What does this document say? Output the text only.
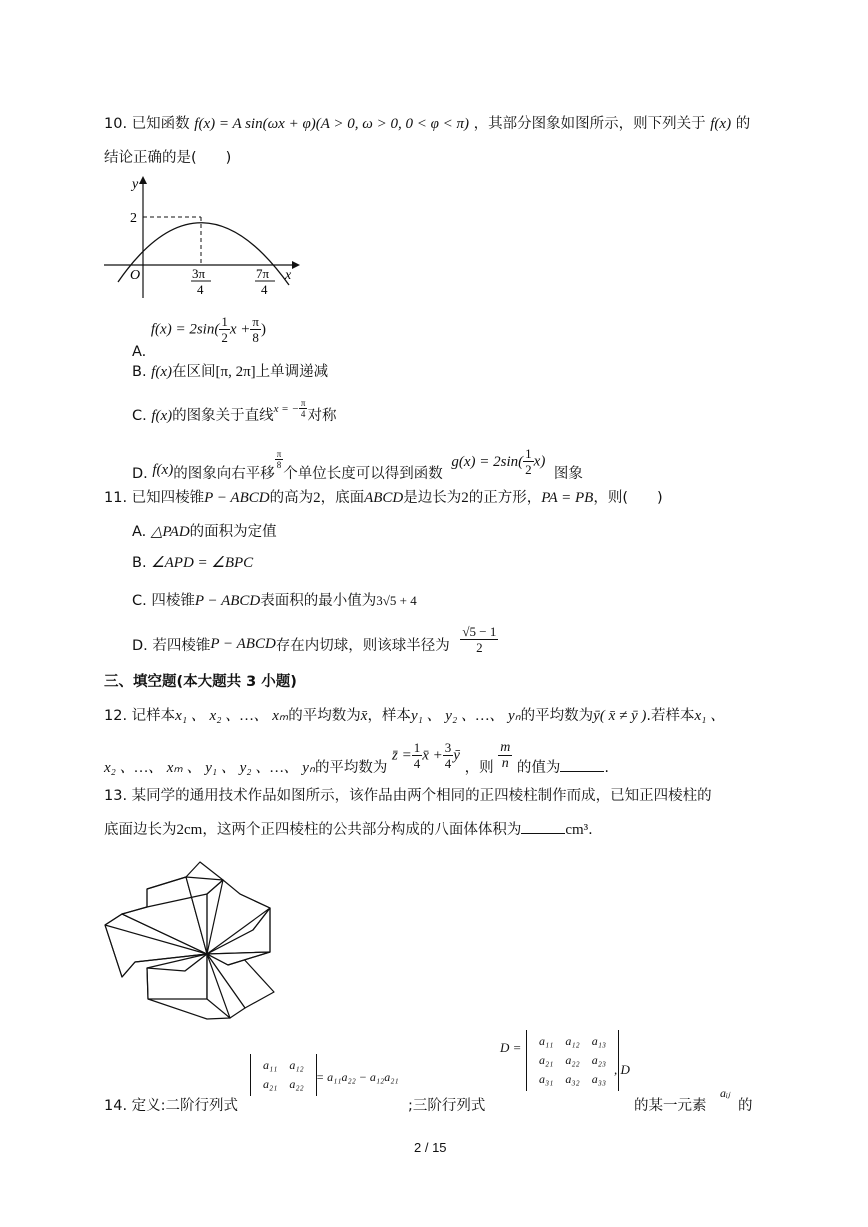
10. 已知函数 f(x) = A sin(ωx + φ)(A > 0, ω > 0, 0 < φ < π) ，其部分图象如图所示，则下列关于 f(x) 的
结论正确的是(　　)
y
x
O
2
3π
4
7π
4
A. $f(x) = 2\sin( \frac{1}{2}$ $x + \frac{\pi}{8}$ )
B. f(x)在区间[π, 2π]上单调递减
C. f(x)的图象关于直线$^{x = -} \frac{\pi}{4}$ 对称
D. f(x)的图象向右平移
$\frac{\pi}{8}$
个单位长度可以得到函数 $g(x) = 2\sin( \frac{1}{2} x)$ 图象
11. 已知四棱锥P − ABCD的高为2，底面ABCD是边长为2的正方形，PA = PB，则(　　)
A. △PAD的面积为定值
B. ∠APD = ∠BPC
C. 四棱锥P − ABCD表面积的最小值为3√5 + 4
D. 若四棱锥P − ABCD存在内切球，则该球半径为 $\frac{√5 - 1}{2}$
三、填空题(本大题共 3 小题)
12. 记样本x₁ 、 x₂ 、…、 xₘ的平均数为x̄，样本y₁ 、 y₂ 、…、 yₙ的平均数为ȳ( x̄ ≠ ȳ ).若样本x₁ 、
x₂ 、…、 xₘ 、 y₁ 、 y₂ 、…、 yₙ的平均数为 z̄ = $\frac{1}{4}$ x̄ + $\frac{3}{4}$ ȳ ，则 $\frac{m}{n}$ 的值为	.
13. 某同学的通用技术作品如图所示，该作品由两个相同的正四棱柱制作而成，已知正四棱柱的
底面边长为2cm，这两个正四棱柱的公共部分构成的八面体体积为	cm³.
14. 定义:二阶行列式
a₁₁	a₁₂
a₂₁	a₂₂ = a₁₁a₂₂ − a₁₂a₂₁
;三阶行列式
D = a₁₁	a₁₂	a₁₃
a₂₁	a₂₂	a₂₃
a₃₁	a₃₂	a₃₃
, D
的某一元素
aᵢⱼ
的
2 / 15
